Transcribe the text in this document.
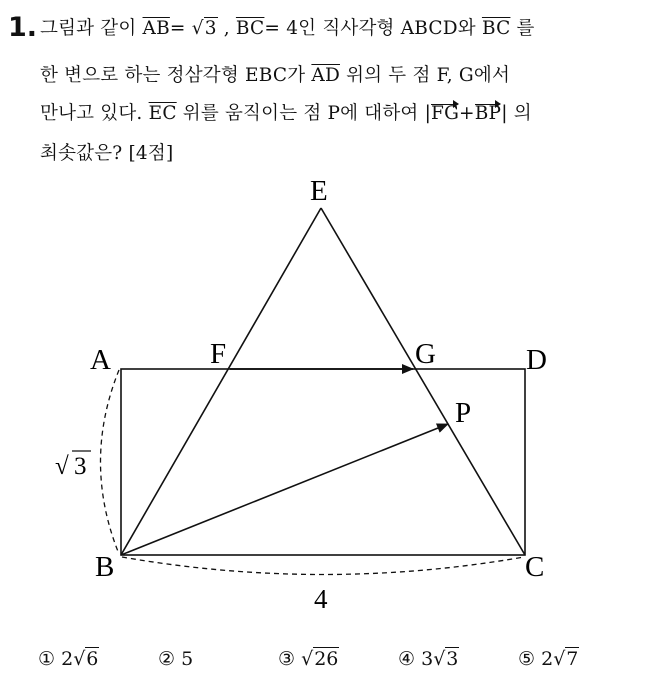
1. 그림과 같이 $\overline{AB}= √3$ , $\overline{BC}= 4$인 직사각형 ABCD와 $\overline{BC}$ 를
한 변으로 하는 정삼각형 EBC가 $\overline{AD}$ 위의 두 점 F, G에서
만나고 있다. $\overline{EC}$ 위를 움직이는 점 P에 대하여 |FG+BP| 의
최솟값은? [4점]
E
A	F	G	D
P
B	C
√ 3
4
① 2√6	② 5	③ √26	④ 3√3	⑤ 2√7
